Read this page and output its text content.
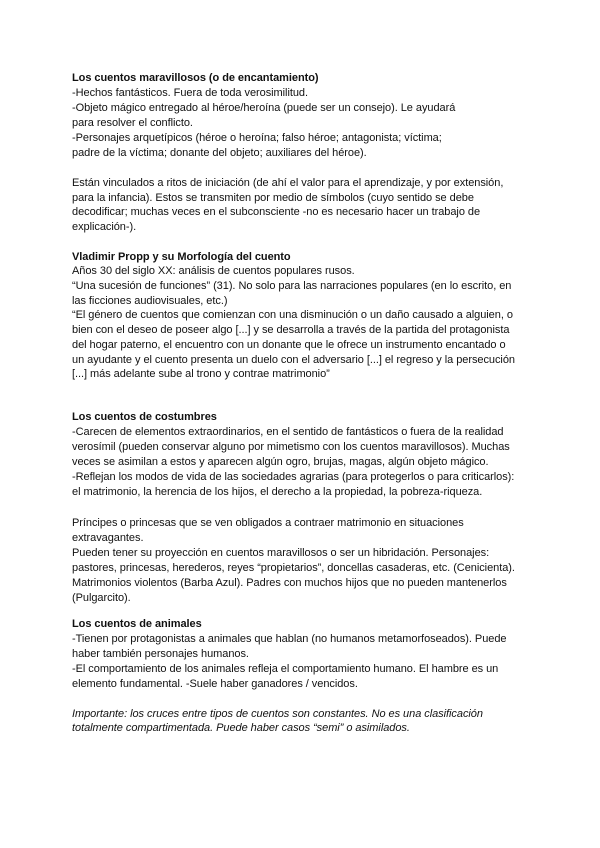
Los cuentos maravillosos (o de encantamiento)
-Hechos fantásticos. Fuera de toda verosimilitud.
-Objeto mágico entregado al héroe/heroína (puede ser un consejo). Le ayudará
para resolver el conflicto.
-Personajes arquetípicos (héroe o heroína; falso héroe; antagonista; víctima;
padre de la víctima; donante del objeto; auxiliares del héroe).
Están vinculados a ritos de iniciación (de ahí el valor para el aprendizaje, y por extensión,
para la infancia). Estos se transmiten por medio de símbolos (cuyo sentido se debe
decodificar; muchas veces en el subconsciente -no es necesario hacer un trabajo de
explicación-).
Vladimir Propp y su Morfología del cuento
Años 30 del siglo XX: análisis de cuentos populares rusos.
“Una sucesión de funciones” (31). No solo para las narraciones populares (en lo escrito, en
las ficciones audiovisuales, etc.)
“El género de cuentos que comienzan con una disminución o un daño causado a alguien, o
bien con el deseo de poseer algo [...] y se desarrolla a través de la partida del protagonista
del hogar paterno, el encuentro con un donante que le ofrece un instrumento encantado o
un ayudante y el cuento presenta un duelo con el adversario [...] el regreso y la persecución
[...] más adelante sube al trono y contrae matrimonio”
Los cuentos de costumbres
-Carecen de elementos extraordinarios, en el sentido de fantásticos o fuera de la realidad
verosímil (pueden conservar alguno por mimetismo con los cuentos maravillosos). Muchas
veces se asimilan a estos y aparecen algún ogro, brujas, magas, algún objeto mágico.
-Reflejan los modos de vida de las sociedades agrarias (para protegerlos o para criticarlos):
el matrimonio, la herencia de los hijos, el derecho a la propiedad, la pobreza-riqueza.
Príncipes o princesas que se ven obligados a contraer matrimonio en situaciones
extravagantes.
Pueden tener su proyección en cuentos maravillosos o ser un hibridación. Personajes:
pastores, princesas, herederos, reyes “propietarios”, doncellas casaderas, etc. (Cenicienta).
Matrimonios violentos (Barba Azul). Padres con muchos hijos que no pueden mantenerlos
(Pulgarcito).
Los cuentos de animales
-Tienen por protagonistas a animales que hablan (no humanos metamorfoseados). Puede
haber también personajes humanos.
-El comportamiento de los animales refleja el comportamiento humano. El hambre es un
elemento fundamental. -Suele haber ganadores / vencidos.
Importante: los cruces entre tipos de cuentos son constantes. No es una clasificación
totalmente compartimentada. Puede haber casos “semi” o asimilados.
